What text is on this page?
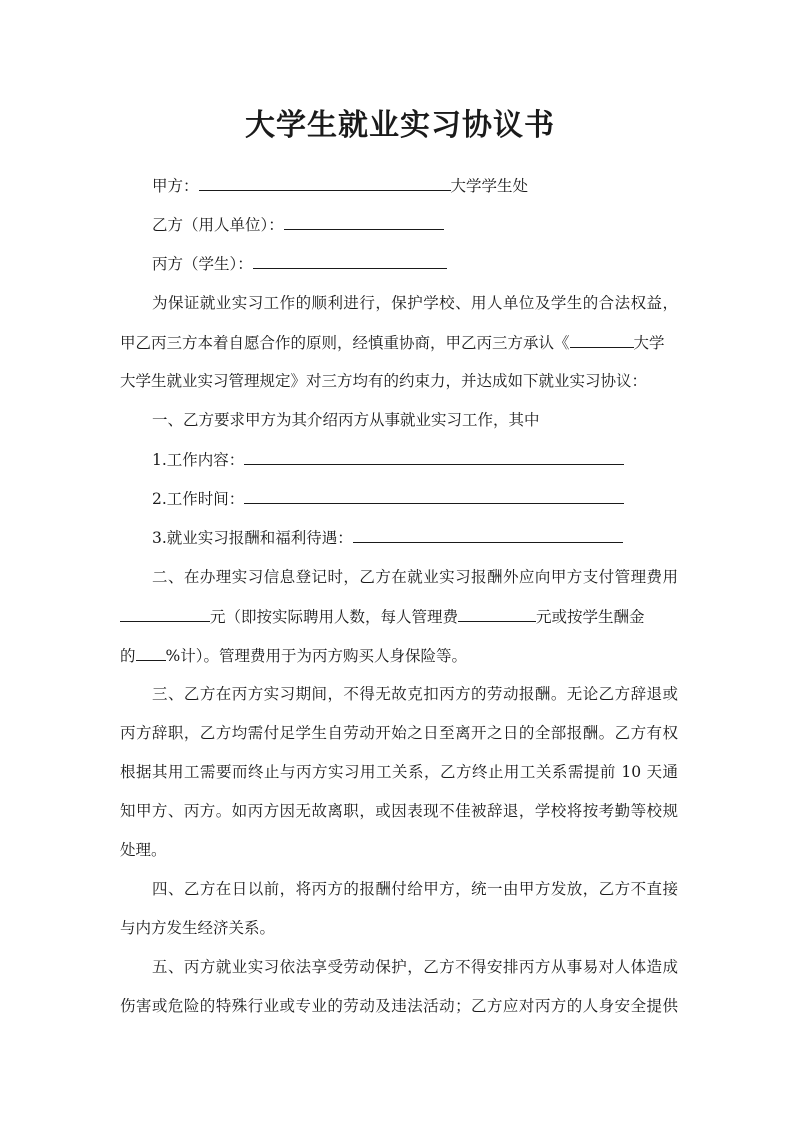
大学生就业实习协议书
甲方：	大学学生处
乙方（用人单位）：
丙方（学生）：
为保证就业实习工作的顺利进行，保护学校、用人单位及学生的合法权益，
甲乙丙三方本着自愿合作的原则，经慎重协商，甲乙丙三方承认《	大学
大学生就业实习管理规定》对三方均有的约束力，并达成如下就业实习协议：
一、乙方要求甲方为其介绍丙方从事就业实习工作，其中
1.工作内容：
2.工作时间：
3.就业实习报酬和福利待遇：
二、在办理实习信息登记时，乙方在就业实习报酬外应向甲方支付管理费用
元（即按实际聘用人数，每人管理费	元或按学生酬金
的 %计）。管理费用于为丙方购买人身保险等。
三、乙方在丙方实习期间，不得无故克扣丙方的劳动报酬。无论乙方辞退或
丙方辞职，乙方均需付足学生自劳动开始之日至离开之日的全部报酬。乙方有权
根据其用工需要而终止与丙方实习用工关系，乙方终止用工关系需提前 10 天通
知甲方、丙方。如丙方因无故离职，或因表现不佳被辞退，学校将按考勤等校规
处理。
四、乙方在日以前，将丙方的报酬付给甲方，统一由甲方发放，乙方不直接
与内方发生经济关系。
五、丙方就业实习依法享受劳动保护，乙方不得安排丙方从事易对人体造成
伤害或危险的特殊行业或专业的劳动及违法活动；乙方应对丙方的人身安全提供
